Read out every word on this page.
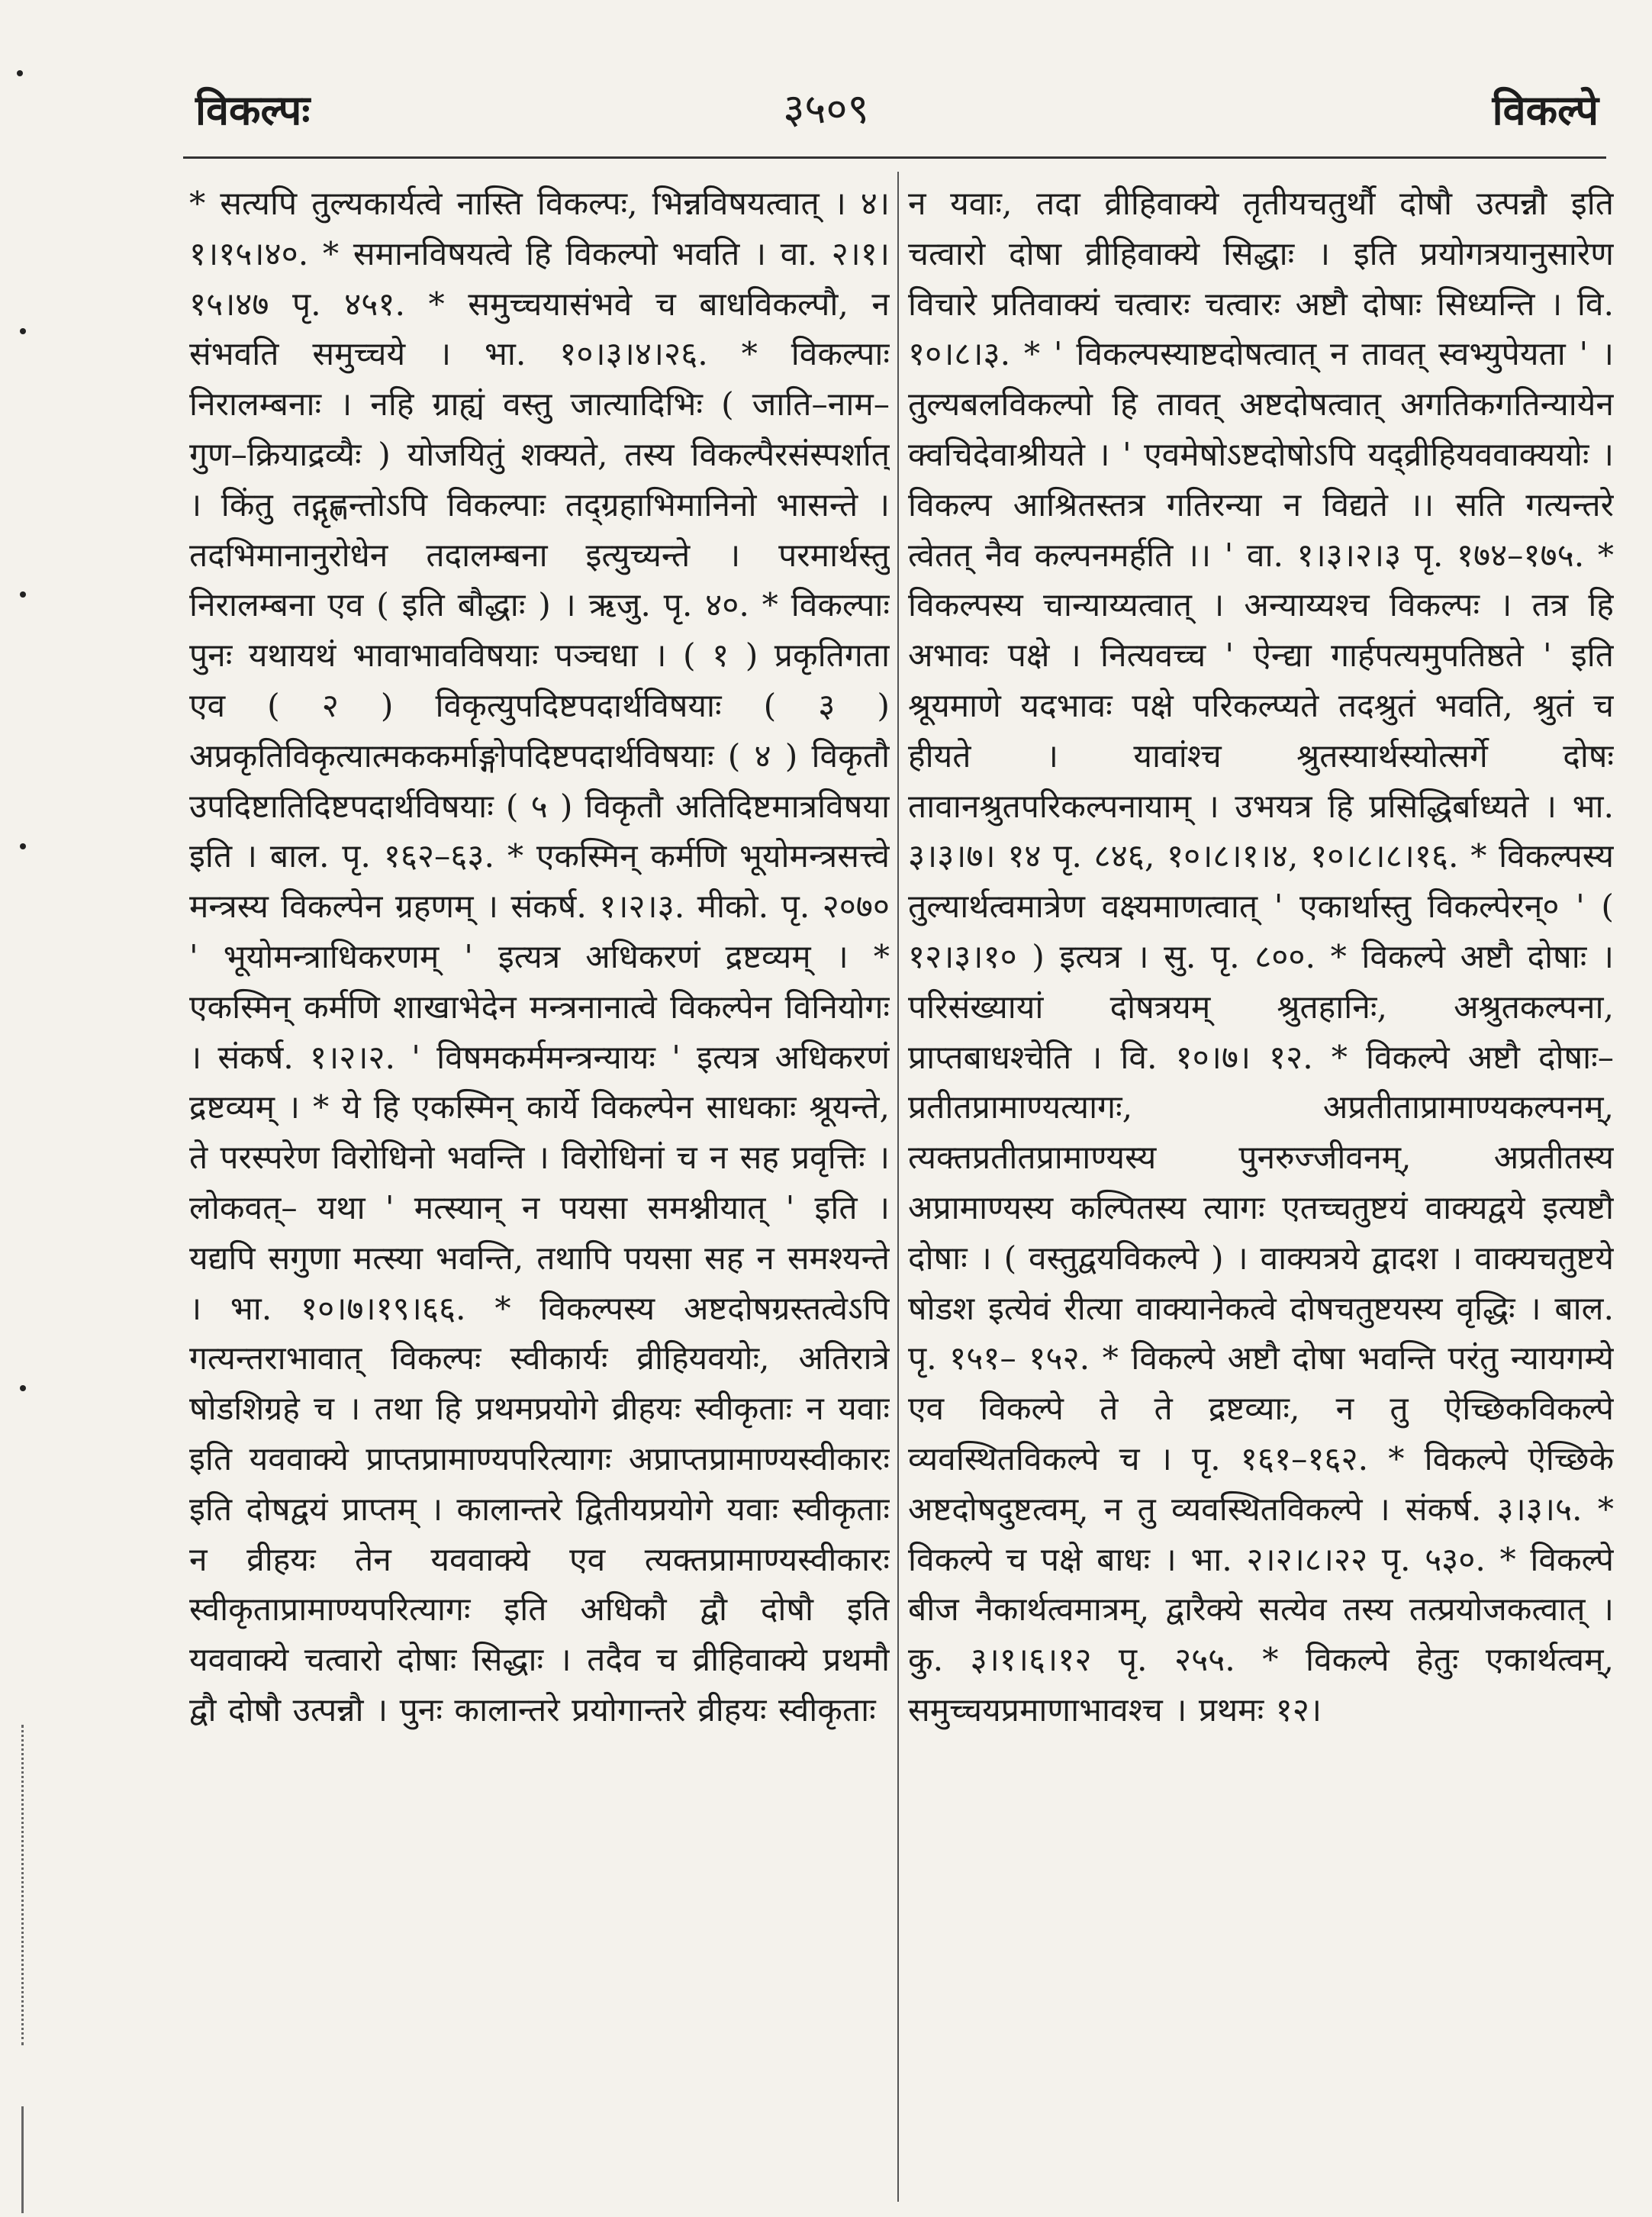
विकल्पः	३५०९	विकल्पे
* सत्यपि तुल्यकार्यत्वे नास्ति विकल्पः, भिन्नविषयत्वात् । ४।१।१५।४०. * समानविषयत्वे हि विकल्पो भवति । वा. २।१।१५।४७ पृ. ४५१. * समुच्चयासंभवे च बाधविकल्पौ, न संभवति समुच्चये । भा. १०।३।४।२६. * विकल्पाः निरालम्बनाः । नहि ग्राह्यं वस्तु जात्यादिभिः ( जाति–नाम–गुण–क्रियाद्रव्यैः ) योजयितुं शक्यते, तस्य विकल्पैरसंस्पर्शात् । किंतु तद्गृह्णन्तोऽपि विकल्पाः तद्ग्रहाभिमानिनो भासन्ते । तदभिमानानुरोधेन तदालम्बना इत्युच्यन्ते । परमार्थस्तु निरालम्बना एव ( इति बौद्धाः ) । ऋजु. पृ. ४०. * विकल्पाः पुनः यथायथं भावाभावविषयाः पञ्चधा । ( १ ) प्रकृतिगता एव ( २ ) विकृत्युपदिष्टपदार्थविषयाः ( ३ ) अप्रकृतिविकृत्यात्मककर्माङ्गोपदिष्टपदार्थविषयाः ( ४ ) विकृतौ उपदिष्टातिदिष्टपदार्थविषयाः ( ५ ) विकृतौ अतिदिष्टमात्रविषया इति । बाल. पृ. १६२–६३. * एकस्मिन् कर्मणि भूयोमन्त्रसत्त्वे मन्त्रस्य विकल्पेन ग्रहणम् । संकर्ष. १।२।३. मीको. पृ. २०७० ' भूयोमन्त्राधिकरणम् ' इत्यत्र अधिकरणं द्रष्टव्यम् । * एकस्मिन् कर्मणि शाखाभेदेन मन्त्रनानात्वे विकल्पेन विनियोगः । संकर्ष. १।२।२. ' विषमकर्ममन्त्रन्यायः ' इत्यत्र अधिकरणं द्रष्टव्यम् । * ये हि एकस्मिन् कार्ये विकल्पेन साधकाः श्रूयन्ते, ते परस्परेण विरोधिनो भवन्ति । विरोधिनां च न सह प्रवृत्तिः । लोकवत्– यथा ' मत्स्यान् न पयसा समश्नीयात् ' इति । यद्यपि सगुणा मत्स्या भवन्ति, तथापि पयसा सह न समश्यन्ते । भा. १०।७।१९।६६. * विकल्पस्य अष्टदोषग्रस्तत्वेऽपि गत्यन्तराभावात् विकल्पः स्वीकार्यः व्रीहियवयोः, अतिरात्रे षोडशिग्रहे च । तथा हि प्रथमप्रयोगे व्रीहयः स्वीकृताः न यवाः इति यववाक्ये प्राप्तप्रामाण्यपरित्यागः अप्राप्तप्रामाण्यस्वीकारः इति दोषद्वयं प्राप्तम् । कालान्तरे द्वितीयप्रयोगे यवाः स्वीकृताः न व्रीहयः तेन यववाक्ये एव त्यक्तप्रामाण्यस्वीकारः स्वीकृताप्रामाण्यपरित्यागः इति अधिकौ द्वौ दोषौ इति यववाक्ये चत्वारो दोषाः सिद्धाः । तदैव च व्रीहिवाक्ये प्रथमौ द्वौ दोषौ उत्पन्नौ । पुनः कालान्तरे प्रयोगान्तरे व्रीहयः स्वीकृताः
न यवाः, तदा व्रीहिवाक्ये तृतीयचतुर्थौ दोषौ उत्पन्नौ इति चत्वारो दोषा व्रीहिवाक्ये सिद्धाः । इति प्रयोगत्रयानुसारेण विचारे प्रतिवाक्यं चत्वारः चत्वारः अष्टौ दोषाः सिध्यन्ति । वि. १०।८।३. * ' विकल्पस्याष्टदोषत्वात् न तावत् स्वभ्युपेयता ' । तुल्यबलविकल्पो हि तावत् अष्टदोषत्वात् अगतिकगतिन्यायेन क्वचिदेवाश्रीयते । ' एवमेषोऽष्टदोषोऽपि यद्व्रीहियववाक्ययोः । विकल्प आश्रितस्तत्र गतिरन्या न विद्यते ।। सति गत्यन्तरे त्वेतत् नैव कल्पनमर्हति ।। ' वा. १।३।२।३ पृ. १७४–१७५. * विकल्पस्य चान्याय्यत्वात् । अन्याय्यश्च विकल्पः । तत्र हि अभावः पक्षे । नित्यवच्च ' ऐन्द्या गार्हपत्यमुपतिष्ठते ' इति श्रूयमाणे यदभावः पक्षे परिकल्प्यते तदश्रुतं भवति, श्रुतं च हीयते । यावांश्च श्रुतस्यार्थस्योत्सर्गे दोषः तावानश्रुतपरिकल्पनायाम् । उभयत्र हि प्रसिद्धिर्बाध्यते । भा. ३।३।७। १४ पृ. ८४६, १०।८।१।४, १०।८।८।१६. * विकल्पस्य तुल्यार्थत्वमात्रेण वक्ष्यमाणत्वात् ' एकार्थास्तु विकल्पेरन्० ' ( १२।३।१० ) इत्यत्र । सु. पृ. ८००. * विकल्पे अष्टौ दोषाः । परिसंख्यायां दोषत्रयम् श्रुतहानिः, अश्रुतकल्पना, प्राप्तबाधश्चेति । वि. १०।७। १२. * विकल्पे अष्टौ दोषाः– प्रतीतप्रामाण्यत्यागः, अप्रतीताप्रामाण्यकल्पनम्, त्यक्तप्रतीतप्रामाण्यस्य पुनरुज्जीवनम्, अप्रतीतस्य अप्रामाण्यस्य कल्पितस्य त्यागः एतच्चतुष्टयं वाक्यद्वये इत्यष्टौ दोषाः । ( वस्तुद्वयविकल्पे ) । वाक्यत्रये द्वादश । वाक्यचतुष्टये षोडश इत्येवं रीत्या वाक्यानेकत्वे दोषचतुष्टयस्य वृद्धिः । बाल. पृ. १५१– १५२. * विकल्पे अष्टौ दोषा भवन्ति परंतु न्यायगम्ये एव विकल्पे ते ते द्रष्टव्याः, न तु ऐच्छिकविकल्पे व्यवस्थितविकल्पे च । पृ. १६१–१६२. * विकल्पे ऐच्छिके अष्टदोषदुष्टत्वम्, न तु व्यवस्थितविकल्पे । संकर्ष. ३।३।५. * विकल्पे च पक्षे बाधः । भा. २।२।८।२२ पृ. ५३०. * विकल्पे बीज नैकार्थत्वमात्रम्, द्वारैक्ये सत्येव तस्य तत्प्रयोजकत्वात् । कु. ३।१।६।१२ पृ. २५५. * विकल्पे हेतुः एकार्थत्वम्, समुच्चयप्रमाणाभावश्च । प्रथमः १२।
